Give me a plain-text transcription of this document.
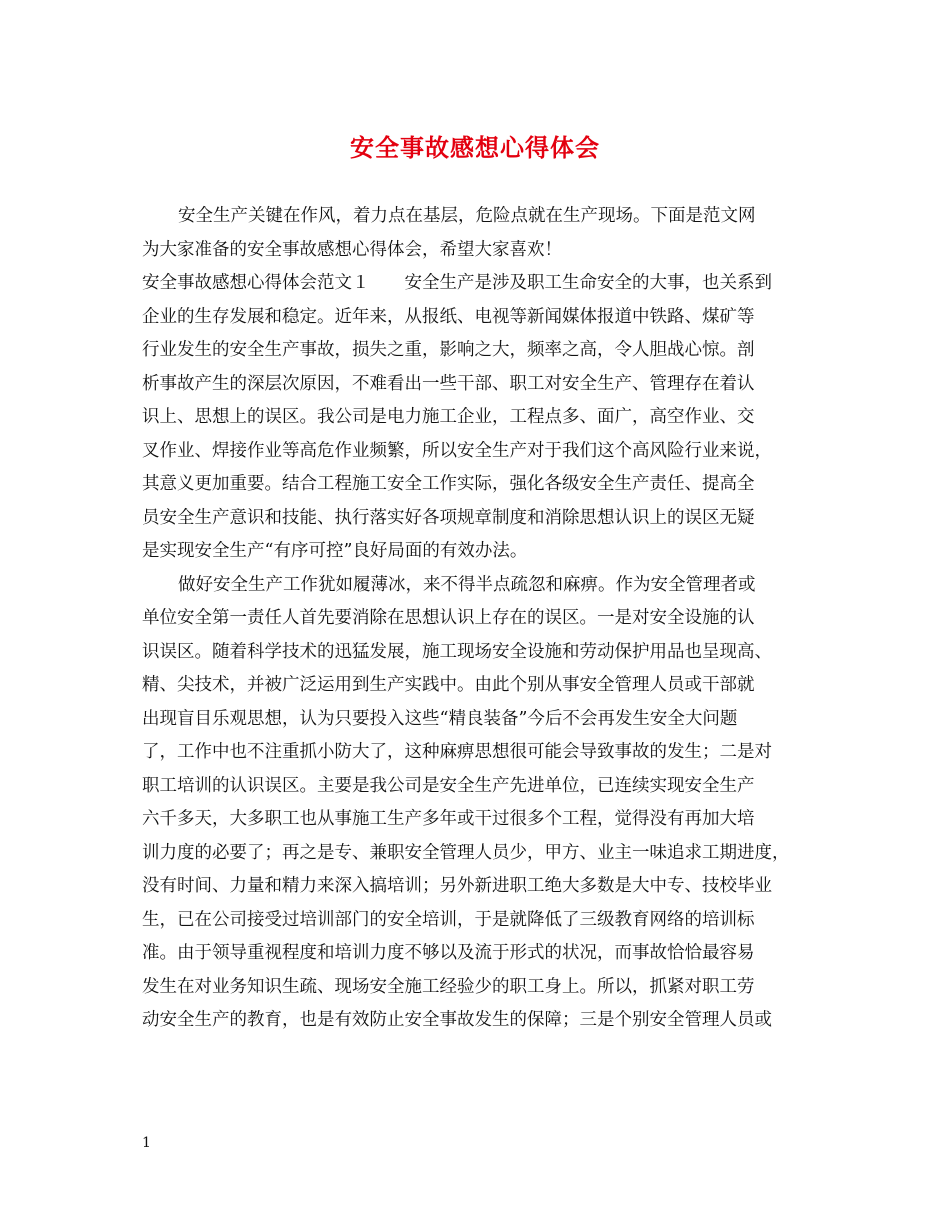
安全事故感想心得体会
安全生产关键在作风，着力点在基层，危险点就在生产现场。下面是范文网
为大家准备的安全事故感想心得体会，希望大家喜欢！
安全事故感想心得体会范文１　　安全生产是涉及职工生命安全的大事，也关系到
企业的生存发展和稳定。近年来，从报纸、电视等新闻媒体报道中铁路、煤矿等
行业发生的安全生产事故，损失之重，影响之大，频率之高，令人胆战心惊。剖
析事故产生的深层次原因，不难看出一些干部、职工对安全生产、管理存在着认
识上、思想上的误区。我公司是电力施工企业，工程点多、面广，高空作业、交
叉作业、焊接作业等高危作业频繁，所以安全生产对于我们这个高风险行业来说，
其意义更加重要。结合工程施工安全工作实际，强化各级安全生产责任、提高全
员安全生产意识和技能、执行落实好各项规章制度和消除思想认识上的误区无疑
是实现安全生产“有序可控”良好局面的有效办法。
做好安全生产工作犹如履薄冰，来不得半点疏忽和麻痹。作为安全管理者或
单位安全第一责任人首先要消除在思想认识上存在的误区。一是对安全设施的认
识误区。随着科学技术的迅猛发展，施工现场安全设施和劳动保护用品也呈现高、
精、尖技术，并被广泛运用到生产实践中。由此个别从事安全管理人员或干部就
出现盲目乐观思想，认为只要投入这些“精良装备”今后不会再发生安全大问题
了，工作中也不注重抓小防大了，这种麻痹思想很可能会导致事故的发生；二是对
职工培训的认识误区。主要是我公司是安全生产先进单位，已连续实现安全生产
六千多天，大多职工也从事施工生产多年或干过很多个工程，觉得没有再加大培
训力度的必要了；再之是专、兼职安全管理人员少，甲方、业主一味追求工期进度，
没有时间、力量和精力来深入搞培训；另外新进职工绝大多数是大中专、技校毕业
生，已在公司接受过培训部门的安全培训，于是就降低了三级教育网络的培训标
准。由于领导重视程度和培训力度不够以及流于形式的状况，而事故恰恰最容易
发生在对业务知识生疏、现场安全施工经验少的职工身上。所以，抓紧对职工劳
动安全生产的教育，也是有效防止安全事故发生的保障；三是个别安全管理人员或
1
